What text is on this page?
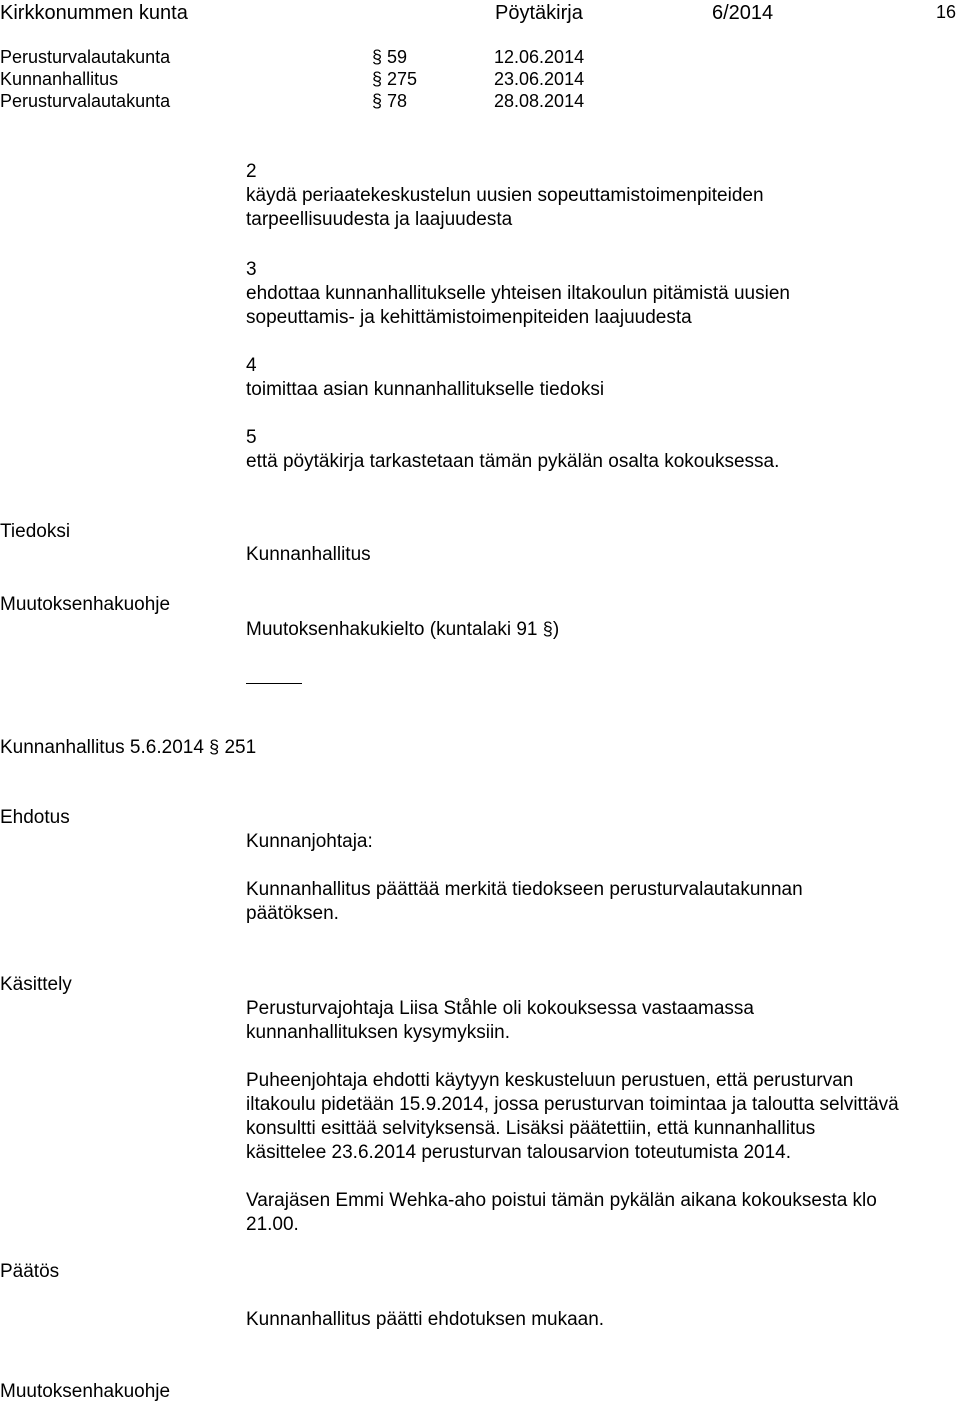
Kirkkonummen kunta	Pöytäkirja	6/2014	16
Perusturvalautakunta	§ 59	12.06.2014
Kunnanhallitus	§ 275	23.06.2014
Perusturvalautakunta	§ 78	28.08.2014

2

käydä periaatekeskustelun uusien sopeuttamistoimenpiteiden

tarpeellisuudesta ja laajuudesta

3

ehdottaa kunnanhallitukselle yhteisen iltakoulun pitämistä uusien

sopeuttamis- ja kehittämistoimenpiteiden laajuudesta

4

toimittaa asian kunnanhallitukselle tiedoksi

5

että pöytäkirja tarkastetaan tämän pykälän osalta kokouksessa.

Tiedoksi
Kunnanhallitus
Muutoksenhakuohje
Muutoksenhakukielto (kuntalaki 91 §)
Kunnanhallitus 5.6.2014 § 251
Ehdotus
Kunnanjohtaja:

Kunnanhallitus päättää merkitä tiedokseen perusturvalautakunnan

päätöksen.

Käsittely

Perusturvajohtaja Liisa Ståhle oli kokouksessa vastaamassa

kunnanhallituksen kysymyksiin.

Puheenjohtaja ehdotti käytyyn keskusteluun perustuen, että perusturvan

iltakoulu pidetään 15.9.2014, jossa perusturvan toimintaa ja taloutta selvittävä

konsultti esittää selvityksensä. Lisäksi päätettiin, että kunnanhallitus

käsittelee 23.6.2014 perusturvan talousarvion toteutumista 2014.

Varajäsen Emmi Wehka-aho poistui tämän pykälän aikana kokouksesta klo

21.00.

Päätös
Kunnanhallitus päätti ehdotuksen mukaan.
Muutoksenhakuohje
